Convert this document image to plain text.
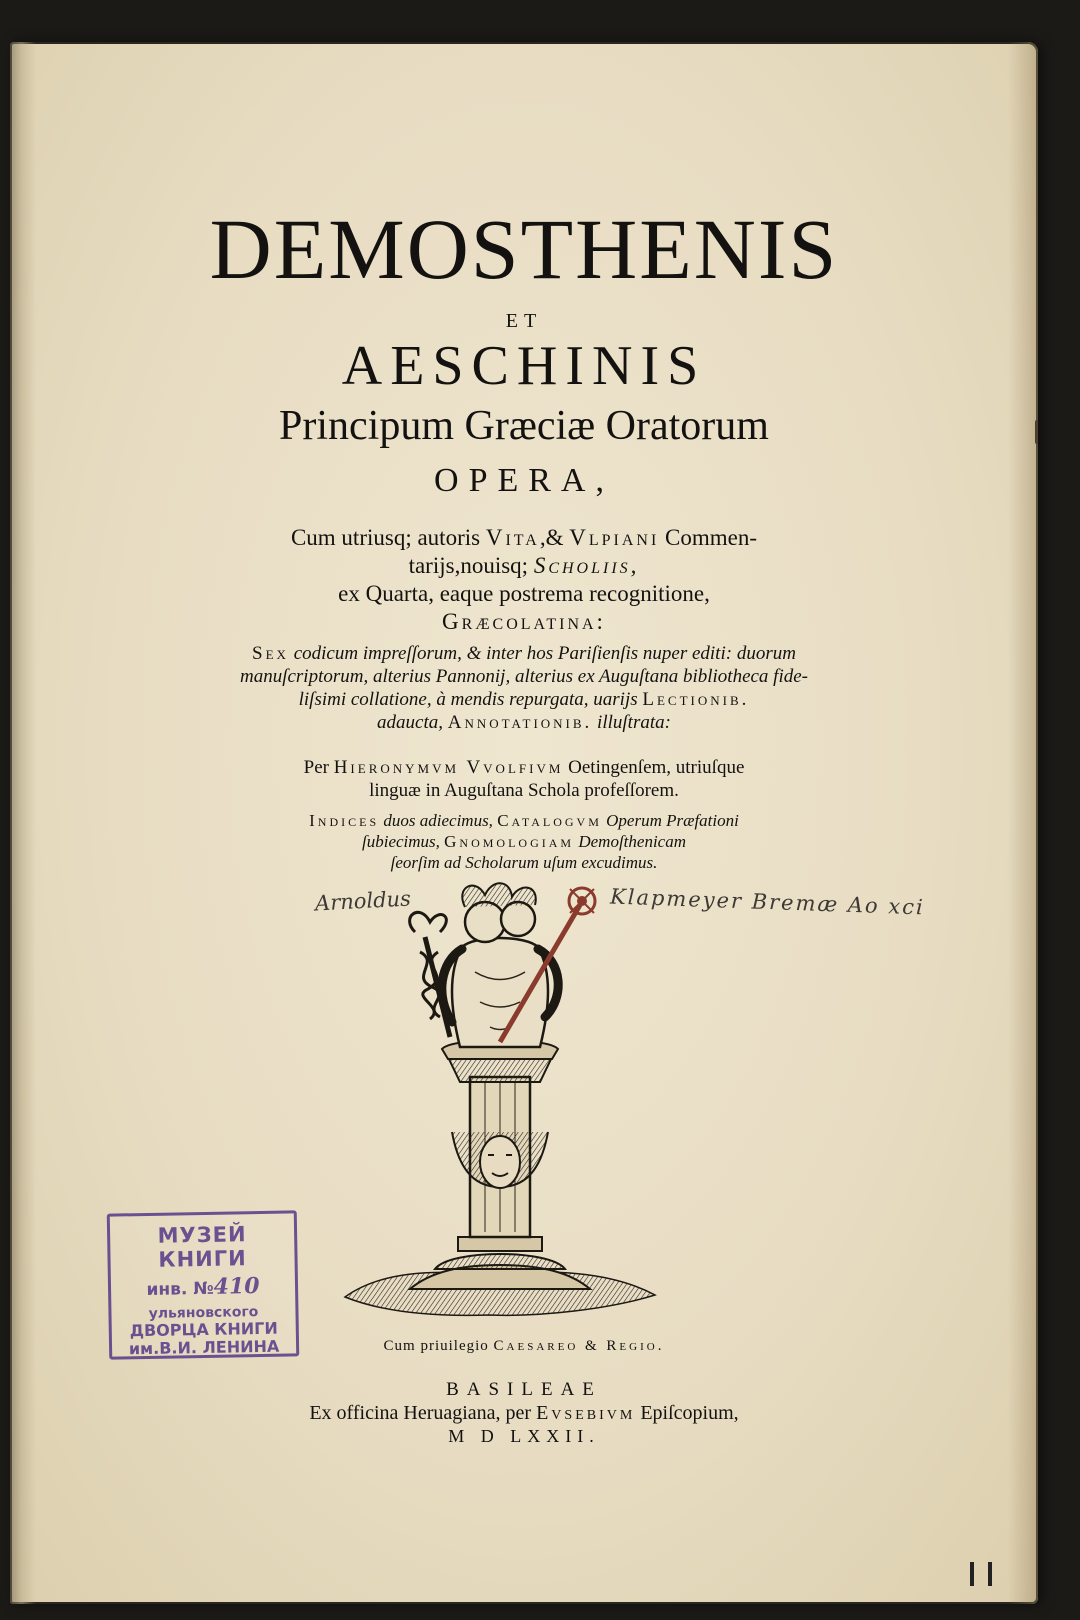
DEMOSTHENIS
ET
AESCHINIS
Principum Græciæ Oratorum
OPERA,
Cum utriusq; autoris Vita,& Vlpiani Commen-
tarijs,nouisq; Scholiis,
ex Quarta, eaque postrema recognitione,
Græcolatina:
Sex codicum impreſſorum, & inter hos Pariſienſis nuper editi: duorum
manuſcriptorum, alterius Pannonij, alterius ex Auguſtana bibliotheca fide-
liſsimi collatione, à mendis repurgata, uarijs Lectionib.
adaucta, Annotationib. illuſtrata:
Per Hieronymvm Vvolfivm Oetingenſem, utriuſque
linguæ in Auguſtana Schola profeſſorem.
Indices duos adiecimus, Catalogvm Operum Præfationi
ſubiecimus, Gnomologiam Demoſthenicam
ſeorſim ad Scholarum uſum excudimus.
Arnoldus	Klapmeyer Bremæ Ao xci
Cum priuilegio Caesareo & Regio.
BASILEAE
Ex officina Heruagiana, per Evsebivm Epiſcopium,
M D LXXII.
МУЗЕЙ КНИГИ
инв. №410
ульяновского
ДВОРЦА КНИГИ
им.В.И. ЛЕНИНА
